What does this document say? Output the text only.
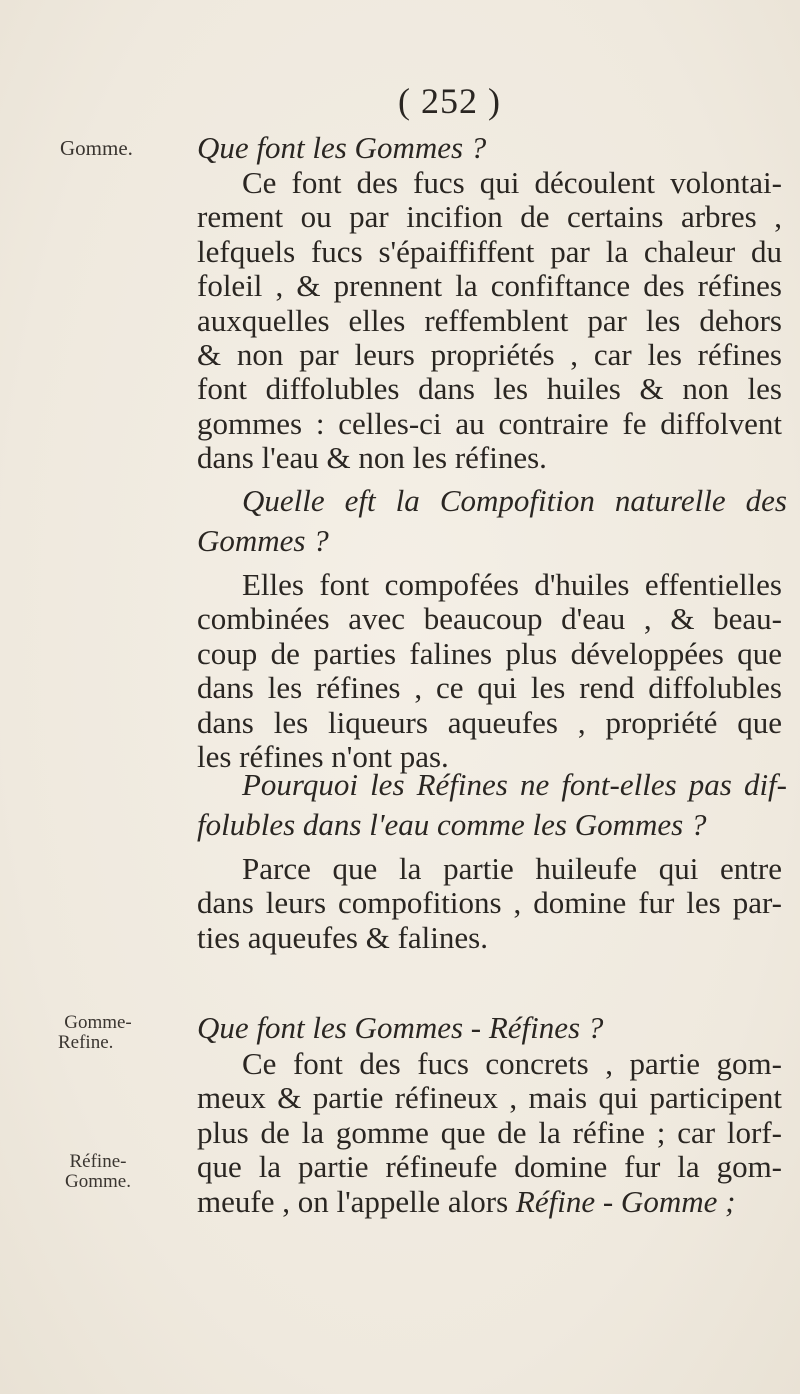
( 252 )
Gomme.
Gomme-
Refine.
Réfine-
Gomme.
Que font les Gommes ?
Ce font des fucs qui découlent volontai-
rement ou par incifion de certains arbres ,
lefquels fucs s'épaiffiffent par la chaleur du
foleil , & prennent la confiftance des réfines
auxquelles elles reffemblent par les dehors
& non par leurs propriétés , car les réfines
font diffolubles dans les huiles & non les
gommes : celles-ci au contraire fe diffolvent
dans l'eau & non les réfines.
Quelle eft la Compofition naturelle des
Gommes ?
Elles font compofées d'huiles effentielles
combinées avec beaucoup d'eau , & beau-
coup de parties falines plus développées que
dans les réfines , ce qui les rend diffolubles
dans les liqueurs aqueufes , propriété que
les réfines n'ont pas.
Pourquoi les Réfines ne font-elles pas dif-
folubles dans l'eau comme les Gommes ?
Parce que la partie huileufe qui entre
dans leurs compofitions , domine fur les par-
ties aqueufes & falines.
Que font les Gommes - Réfines ?
Ce font des fucs concrets , partie gom-
meux & partie réfineux , mais qui participent
plus de la gomme que de la réfine ; car lorf-
que la partie réfineufe domine fur la gom-
meufe , on l'appelle alors Réfine - Gomme ;
